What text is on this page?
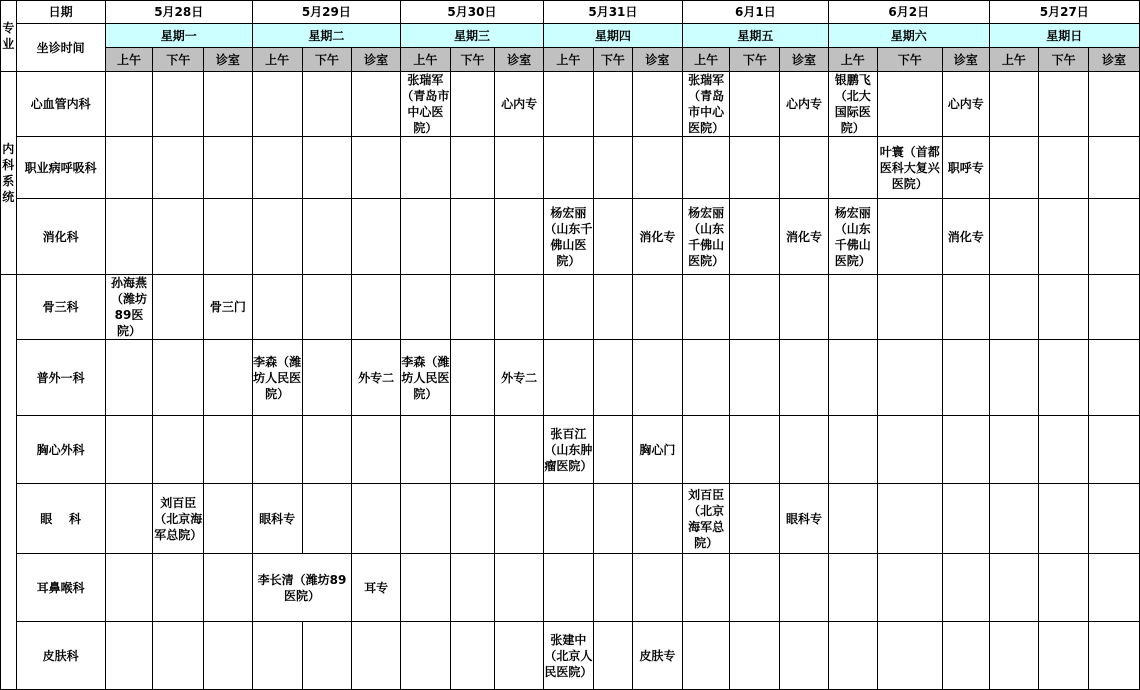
专业	日期	5月28日			5月29日			5月30日			5月31日			6月1日			6月2日			5月27日		
	坐诊时间	星期一			星期二			星期三			星期四			星期五			星期六			星期日		
		上午	下午	诊室	上午	下午	诊室	上午	下午	诊室	上午	下午	诊室	上午	下午	诊室	上午	下午	诊室	上午	下午	诊室
内科系统	心血管内科							张瑞军（青岛市中心医院）		心内专				张瑞军（青岛市中心医院）		心内专	银鹏飞（北大国际医院）		心内专			
	职业病呼吸科																	叶寰（首都医科大复兴医院）	职呼专			
	消化科										杨宏丽（山东千佛山医院）		消化专	杨宏丽（山东千佛山医院）		消化专	杨宏丽（山东千佛山医院）		消化专			
	骨三科	孙海燕（潍坊89医院）		骨三门																		
	普外一科				李森（潍坊人民医院）		外专二	李森（潍坊人民医院）		外专二												
	胸心外科										张百江（山东肿瘤医院）		胸心门									
	眼    科		刘百臣（北京海军总院）		眼科专									刘百臣（北京海军总院）		眼科专						
	耳鼻喉科				李长清（潍坊89医院）		耳专															
	皮肤科										张建中（北京人民医院）		皮肤专									
